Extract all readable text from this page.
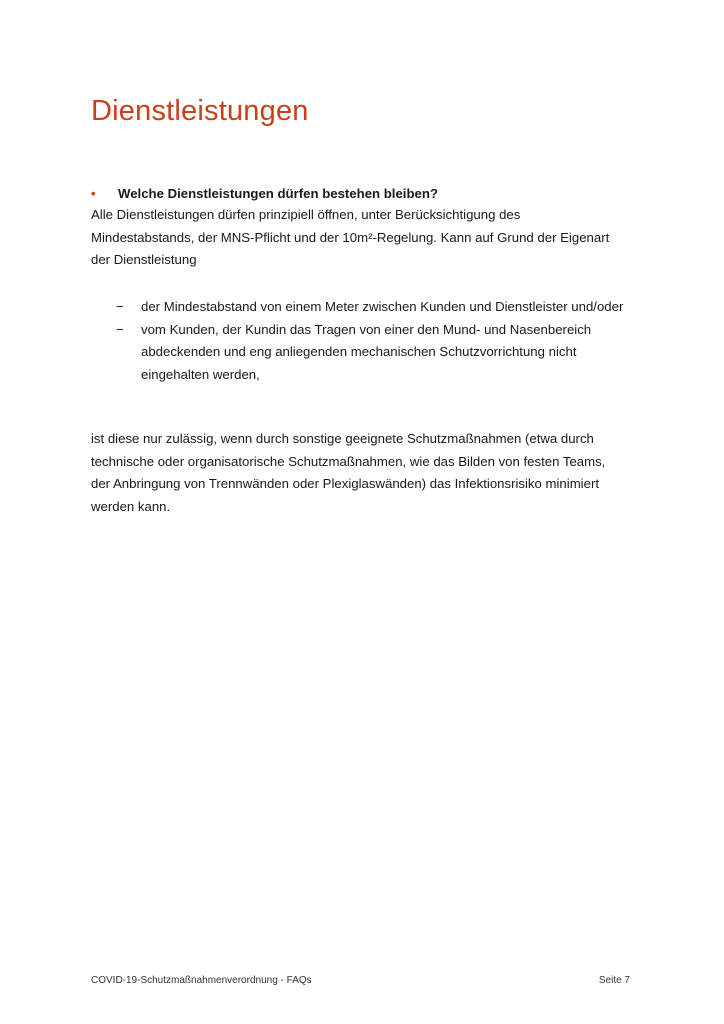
Dienstleistungen
• Welche Dienstleistungen dürfen bestehen bleiben?

Alle Dienstleistungen dürfen prinzipiell öffnen, unter Berücksichtigung des
Mindestabstands, der MNS-Pflicht und der 10m²-Regelung. Kann auf Grund der Eigenart
der Dienstleistung

− der Mindestabstand von einem Meter zwischen Kunden und Dienstleister und/oder
− vom Kunden, der Kundin das Tragen von einer den Mund- und Nasenbereich abdeckenden und eng anliegenden mechanischen Schutzvorrichtung nicht eingehalten werden,

ist diese nur zulässig, wenn durch sonstige geeignete Schutzmaßnahmen (etwa durch
technische oder organisatorische Schutzmaßnahmen, wie das Bilden von festen Teams,
der Anbringung von Trennwänden oder Plexiglaswänden) das Infektionsrisiko minimiert
werden kann.

COVID-19-Schutzmaßnahmenverordnung - FAQs	Seite 7
